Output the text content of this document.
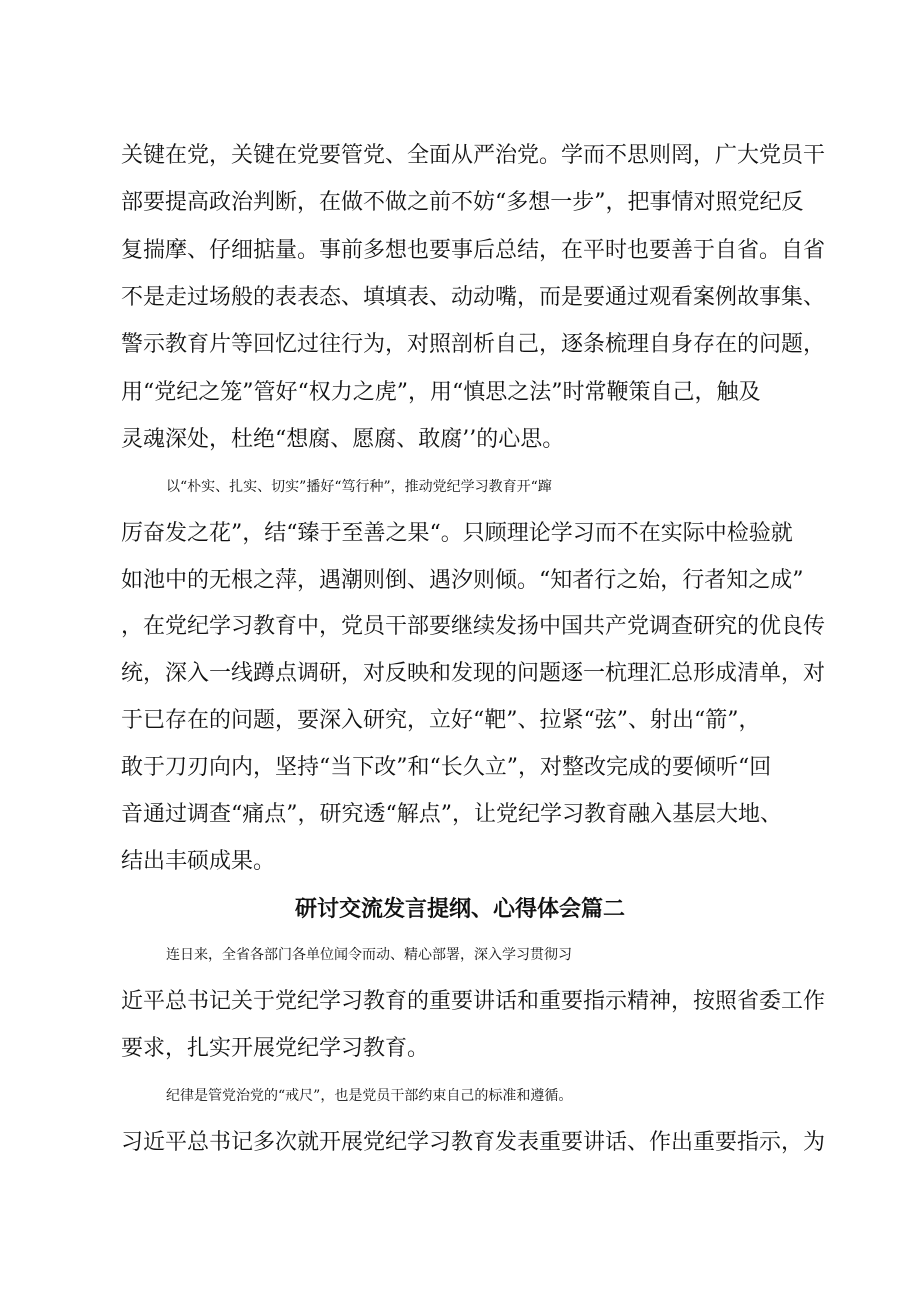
关键在党，关键在党要管党、全面从严治党。学而不思则罔，广大党员干
部要提高政治判断，在做不做之前不妨“多想一步”，把事情对照党纪反
复揣摩、仔细掂量。事前多想也要事后总结，在平时也要善于自省。自省
不是走过场般的表表态、填填表、动动嘴，而是要通过观看案例故事集、
警示教育片等回忆过往行为，对照剖析自己，逐条梳理自身存在的问题，
用“党纪之笼”管好“权力之虎”，用“慎思之法”时常鞭策自己，触及
灵魂深处，杜绝“想腐、愿腐、敢腐’’的心思。
以“朴实、扎实、切实”播好“笃行种”，推动党纪学习教育开“蹿
厉奋发之花”，结“臻于至善之果“。只顾理论学习而不在实际中检验就
如池中的无根之萍，遇潮则倒、遇汐则倾。“知者行之始，行者知之成”
，在党纪学习教育中，党员干部要继续发扬中国共产党调查研究的优良传
统，深入一线蹲点调研，对反映和发现的问题逐一杭理汇总形成清单，对
于已存在的问题，要深入研究，立好“靶”、拉紧“弦”、射出“箭”，
敢于刀刃向内，坚持“当下改”和“长久立”，对整改完成的要倾听“回
音通过调查“痛点”，研究透“解点”，让党纪学习教育融入基层大地、
结出丰硕成果。
研讨交流发言提纲、心得体会篇二
连日来，全省各部门各单位闻令而动、精心部署，深入学习贯彻习
近平总书记关于党纪学习教育的重要讲话和重要指示精神，按照省委工作
要求，扎实开展党纪学习教育。
纪律是管党治党的“戒尺”，也是党员干部约束自己的标准和遵循。
习近平总书记多次就开展党纪学习教育发表重要讲话、作出重要指示，为
